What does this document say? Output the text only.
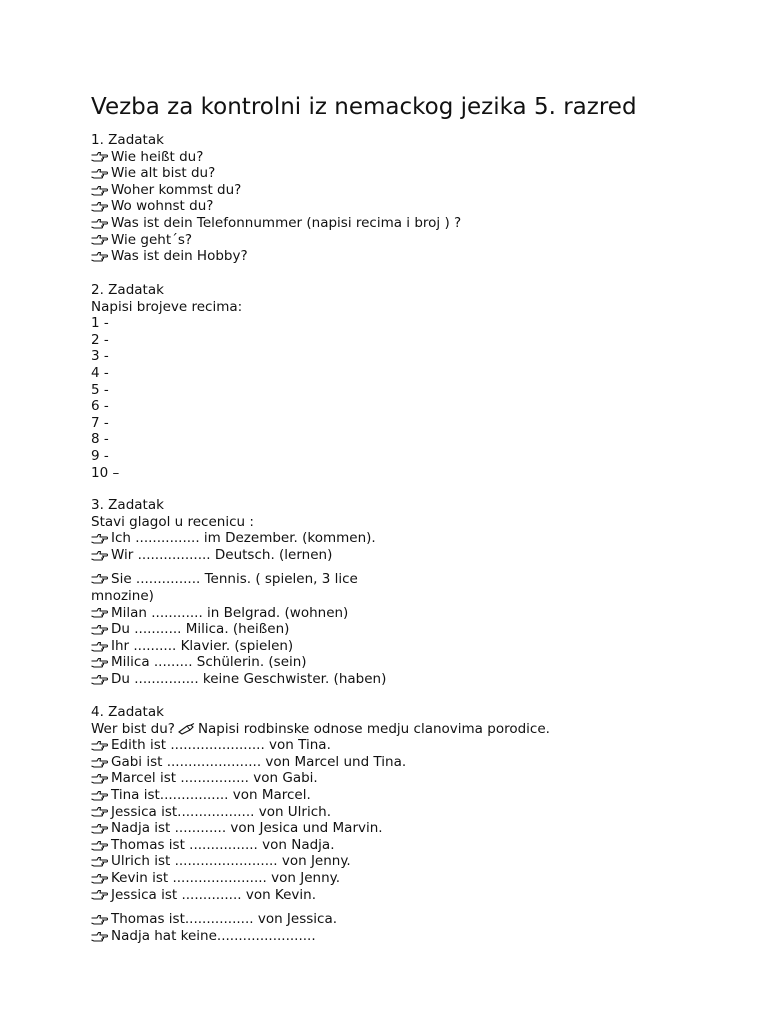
Vezba za kontrolni iz nemackog jezika 5. razred
1. Zadatak
Wie heißt du?
Wie alt bist du?
Woher kommst du?
Wo wohnst du?
Was ist dein Telefonnummer (napisi recima i broj ) ?
Wie geht´s?
Was ist dein Hobby?
2. Zadatak
Napisi brojeve recima:
1 -
2 -
3 -
4 -
5 -
6 -
7 -
8 -
9 -
10 –
3. Zadatak
Stavi glagol u recenicu :
Ich ............... im Dezember. (kommen).
Wir ................. Deutsch. (lernen)
Sie ............... Tennis. ( spielen, 3 lice mnozine)
Milan ............ in Belgrad. (wohnen)
Du ........... Milica. (heißen)
Ihr .......... Klavier. (spielen)
Milica ......... Schülerin. (sein)
Du ............... keine Geschwister. (haben)
4. Zadatak
Wer bist du? Napisi rodbinske odnose medju clanovima porodice.
Edith ist ...................... von Tina.
Gabi ist ...................... von Marcel und Tina.
Marcel ist ................ von Gabi.
Tina ist................ von Marcel.
Jessica ist.................. von Ulrich.
Nadja ist ............ von Jesica und Marvin.
Thomas ist ................ von Nadja.
Ulrich ist ........................ von Jenny.
Kevin ist ...................... von Jenny.
Jessica ist .............. von Kevin.
Thomas ist................ von Jessica.
Nadja hat keine.......................
